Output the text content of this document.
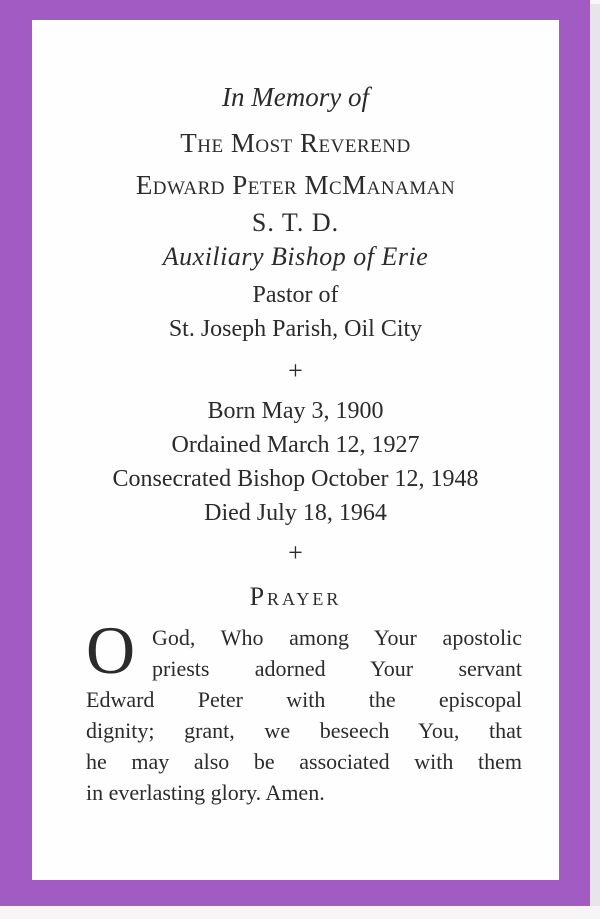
In Memory of
The Most Reverend
Edward Peter McManaman
S. T. D.
Auxiliary Bishop of Erie
Pastor of
St. Joseph Parish, Oil City
+
Born May 3, 1900
Ordained March 12, 1927
Consecrated Bishop October 12, 1948
Died July 18, 1964
+
Prayer
O God, Who among Your apostolic
priests adorned Your servant
Edward Peter with the episcopal
dignity; grant, we beseech You, that
he may also be associated with them
in everlasting glory. Amen.
